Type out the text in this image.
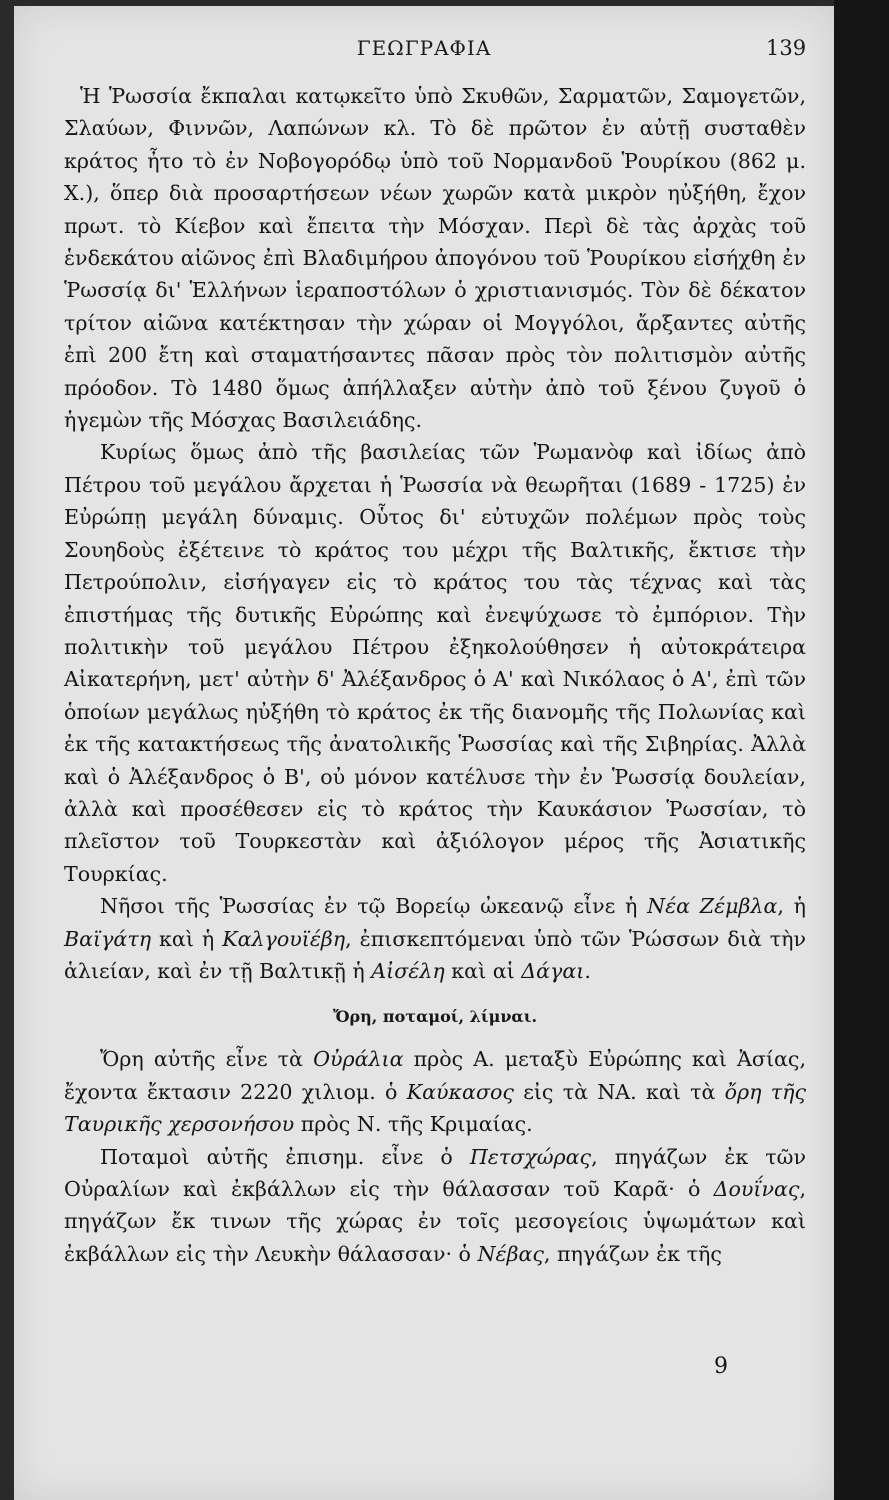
ΓΕΩΓΡΑΦΙΑ	139

Ἡ Ῥωσσία ἔκπαλαι κατῳκεῖτο ὑπὸ Σκυθῶν, Σαρματῶν, Σαμογετῶν, Σλαύων, Φιννῶν, Λαπώνων κλ. Τὸ δὲ πρῶτον ἐν αὐτῇ συσταθὲν κράτος ἦτο τὸ ἐν Νοβογορόδῳ ὑπὸ τοῦ Νορμανδοῦ Ῥουρίκου (862 μ. Χ.), ὅπερ διὰ προσαρτήσεων νέων χωρῶν κατὰ μικρὸν ηὐξήθη, ἔχον πρωτ. τὸ Κίεβον καὶ ἔπειτα τὴν Μόσχαν. Περὶ δὲ τὰς ἀρχὰς τοῦ ἑνδεκάτου αἰῶνος ἐπὶ Βλαδιμήρου ἀπογόνου τοῦ Ῥουρίκου εἰσήχθη ἐν Ῥωσσίᾳ δι' Ἑλλήνων ἱεραποστόλων ὁ χριστιανισμός. Τὸν δὲ δέκατον τρίτον αἰῶνα κατέκτησαν τὴν χώραν οἱ Μογγόλοι, ἄρξαντες αὐτῆς ἐπὶ 200 ἔτη καὶ σταματήσαντες πᾶσαν πρὸς τὸν πολιτισμὸν αὐτῆς πρόοδον. Τὸ 1480 ὅμως ἀπήλλαξεν αὐτὴν ἀπὸ τοῦ ξένου ζυγοῦ ὁ ἡγεμὼν τῆς Μόσχας Βασιλειάδης.

Κυρίως ὅμως ἀπὸ τῆς βασιλείας τῶν Ῥωμανὸφ καὶ ἰδίως ἀπὸ Πέτρου τοῦ μεγάλου ἄρχεται ἡ Ῥωσσία νὰ θεωρῆται (1689 - 1725) ἐν Εὐρώπῃ μεγάλη δύναμις. Οὗτος δι' εὐτυχῶν πολέμων πρὸς τοὺς Σουηδοὺς ἐξέτεινε τὸ κράτος του μέχρι τῆς Βαλτικῆς, ἔκτισε τὴν Πετρούπολιν, εἰσήγαγεν εἰς τὸ κράτος του τὰς τέχνας καὶ τὰς ἐπιστήμας τῆς δυτικῆς Εὐρώπης καὶ ἐνεψύχωσε τὸ ἐμπόριον. Τὴν πολιτικὴν τοῦ μεγάλου Πέτρου ἐξηκολούθησεν ἡ αὐτοκράτειρα Αἰκατερήνη, μετ' αὐτὴν δ' Ἀλέξανδρος ὁ Α' καὶ Νικόλαος ὁ Α', ἐπὶ τῶν ὁποίων μεγάλως ηὐξήθη τὸ κράτος ἐκ τῆς διανομῆς τῆς Πολωνίας καὶ ἐκ τῆς κατακτήσεως τῆς ἀνατολικῆς Ῥωσσίας καὶ τῆς Σιβηρίας. Ἀλλὰ καὶ ὁ Ἀλέξανδρος ὁ Β', οὐ μόνον κατέλυσε τὴν ἐν Ῥωσσίᾳ δουλείαν, ἀλλὰ καὶ προσέθεσεν εἰς τὸ κράτος τὴν Καυκάσιον Ῥωσσίαν, τὸ πλεῖστον τοῦ Τουρκεστὰν καὶ ἀξιόλογον μέρος τῆς Ἀσιατικῆς Τουρκίας.

Νῆσοι τῆς Ῥωσσίας ἐν τῷ Βορείῳ ὠκεανῷ εἶνε ἡ Νέα Ζέμβλα, ἡ Βαϊγάτη καὶ ἡ Καλγουϊέβη, ἐπισκεπτόμεναι ὑπὸ τῶν Ῥώσσων διὰ τὴν ἁλιείαν, καὶ ἐν τῇ Βαλτικῇ ἡ Αἰσέλη καὶ αἱ Δάγαι.

Ὄρη, ποταμοί, λίμναι.

Ὄρη αὐτῆς εἶνε τὰ Οὐράλια πρὸς Α. μεταξὺ Εὐρώπης καὶ Ἀσίας, ἔχοντα ἔκτασιν 2220 χιλιομ. ὁ Καύκασος εἰς τὰ ΝΑ. καὶ τὰ ὄρη τῆς Ταυρικῆς χερσονήσου πρὸς Ν. τῆς Κριμαίας.

Ποταμοὶ αὐτῆς ἐπισημ. εἶνε ὁ Πετσχώρας, πηγάζων ἐκ τῶν Οὐραλίων καὶ ἐκβάλλων εἰς τὴν θάλασσαν τοῦ Καρᾶ· ὁ Δουΐνας, πηγάζων ἔκ τινων τῆς χώρας ἐν τοῖς μεσογείοις ὑψωμάτων καὶ ἐκβάλλων εἰς τὴν Λευκὴν θάλασσαν· ὁ Νέβας, πηγάζων ἐκ τῆς

9
